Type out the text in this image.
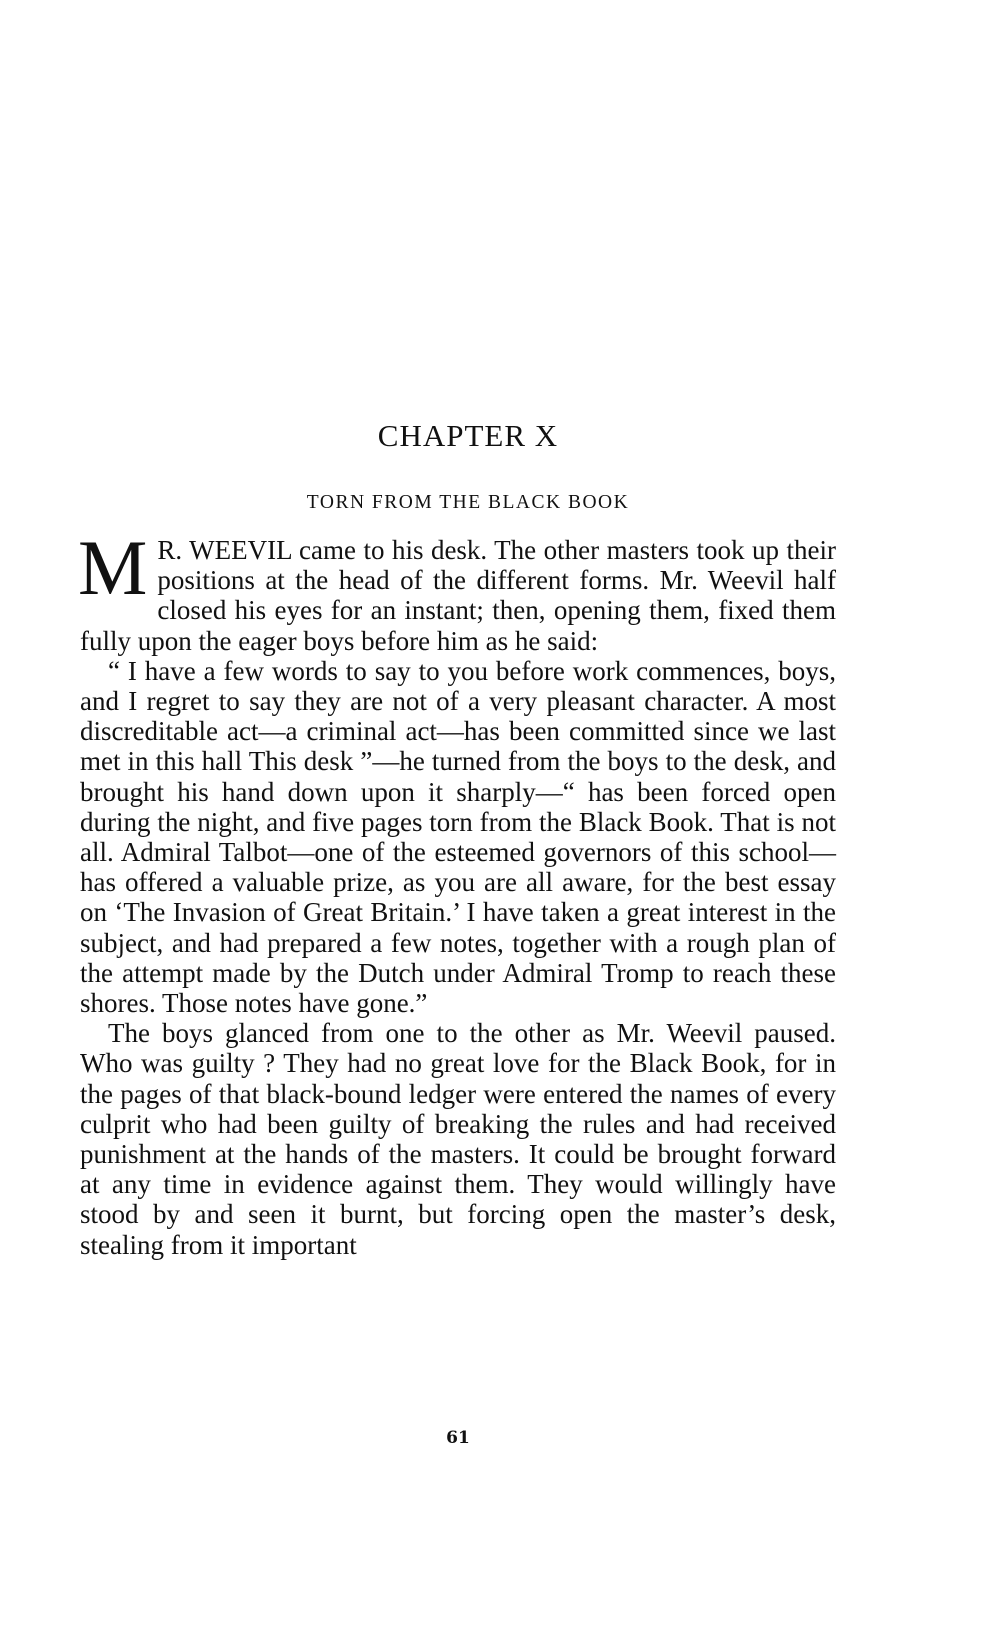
CHAPTER X
TORN FROM THE BLACK BOOK

M R. WEEVIL came to his desk. The other masters took up their positions at the head of the different forms. Mr. Weevil half closed his eyes for an instant; then, opening them, fixed them fully upon the eager boys before him as he said:

“ I have a few words to say to you before work commences, boys, and I regret to say they are not of a very pleasant character. A most discreditable act—a criminal act—has been committed since we last met in this hall This desk ”—he turned from the boys to the desk, and brought his hand down upon it sharply—“ has been forced open during the night, and five pages torn from the Black Book. That is not all. Admiral Talbot—one of the esteemed governors of this school—has offered a valuable prize, as you are all aware, for the best essay on ‘The Invasion of Great Britain.’ I have taken a great interest in the subject, and had prepared a few notes, together with a rough plan of the attempt made by the Dutch under Admiral Tromp to reach these shores. Those notes have gone.”

The boys glanced from one to the other as Mr. Weevil paused. Who was guilty ? They had no great love for the Black Book, for in the pages of that black-bound ledger were entered the names of every culprit who had been guilty of breaking the rules and had received punishment at the hands of the masters. It could be brought forward at any time in evidence against them. They would willingly have stood by and seen it burnt, but forcing open the master’s desk, stealing from it important

61
